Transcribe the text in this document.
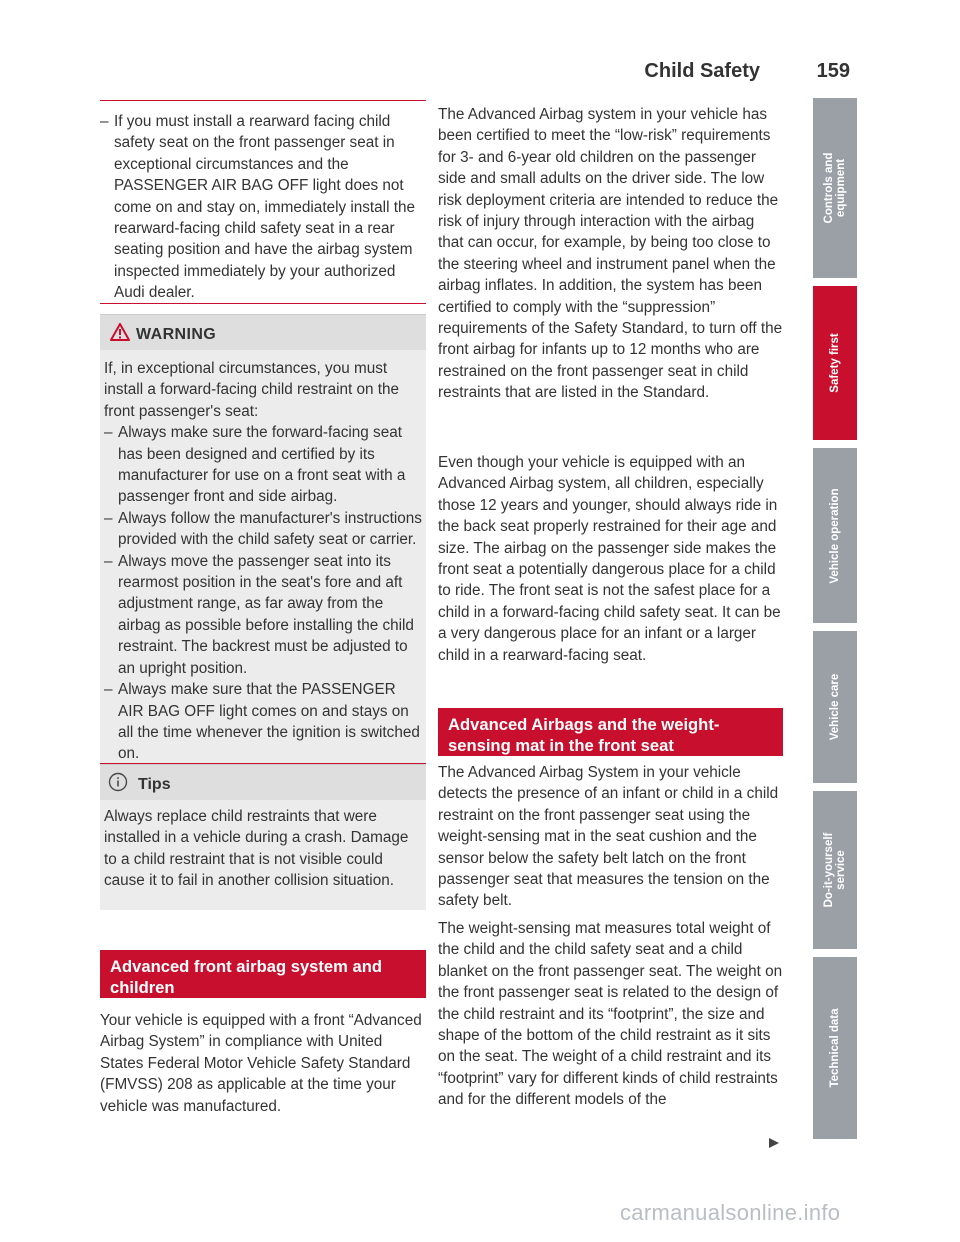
Child Safety	159

– If you must install a rearward facing child safety seat on the front passenger seat in exceptional circumstances and the PASSENGER AIR BAG OFF light does not come on and stay on, immediately install the rearward-facing child safety seat in a rear seating position and have the airbag system inspected immediately by your authorized Audi dealer.

WARNING

If, in exceptional circumstances, you must install a forward-facing child restraint on the front passenger's seat:

– Always make sure the forward-facing seat has been designed and certified by its manufacturer for use on a front seat with a passenger front and side airbag.

– Always follow the manufacturer's instructions provided with the child safety seat or carrier.

– Always move the passenger seat into its rearmost position in the seat's fore and aft adjustment range, as far away from the airbag as possible before installing the child restraint. The backrest must be adjusted to an upright position.

– Always make sure that the PASSENGER AIR BAG OFF light comes on and stays on all the time whenever the ignition is switched on.

Tips

Always replace child restraints that were installed in a vehicle during a crash. Damage to a child restraint that is not visible could cause it to fail in another collision situation.

Advanced front airbag system and children

Your vehicle is equipped with a front “Advanced Airbag System” in compliance with United States Federal Motor Vehicle Safety Standard (FMVSS) 208 as applicable at the time your vehicle was manufactured.

The Advanced Airbag system in your vehicle has been certified to meet the “low-risk” requirements for 3- and 6-year old children on the passenger side and small adults on the driver side. The low risk deployment criteria are intended to reduce the risk of injury through interaction with the airbag that can occur, for example, by being too close to the steering wheel and instrument panel when the airbag inflates. In addition, the system has been certified to comply with the “suppression” requirements of the Safety Standard, to turn off the front airbag for infants up to 12 months who are restrained on the front passenger seat in child restraints that are listed in the Standard.

Even though your vehicle is equipped with an Advanced Airbag system, all children, especially those 12 years and younger, should always ride in the back seat properly restrained for their age and size. The airbag on the passenger side makes the front seat a potentially dangerous place for a child to ride. The front seat is not the safest place for a child in a forward-facing child safety seat. It can be a very dangerous place for an infant or a larger child in a rearward-facing seat.

Advanced Airbags and the weight-sensing mat in the front seat

The Advanced Airbag System in your vehicle detects the presence of an infant or child in a child restraint on the front passenger seat using the weight-sensing mat in the seat cushion and the sensor below the safety belt latch on the front passenger seat that measures the tension on the safety belt.

The weight-sensing mat measures total weight of the child and the child safety seat and a child blanket on the front passenger seat. The weight on the front passenger seat is related to the design of the child restraint and its “footprint”, the size and shape of the bottom of the child restraint as it sits on the seat. The weight of a child restraint and its “footprint” vary for different kinds of child restraints and for the different models of the

Controls and equipment
Safety first
Vehicle operation
Vehicle care
Do-it-yourself service
Technical data
carmanualsonline.info
